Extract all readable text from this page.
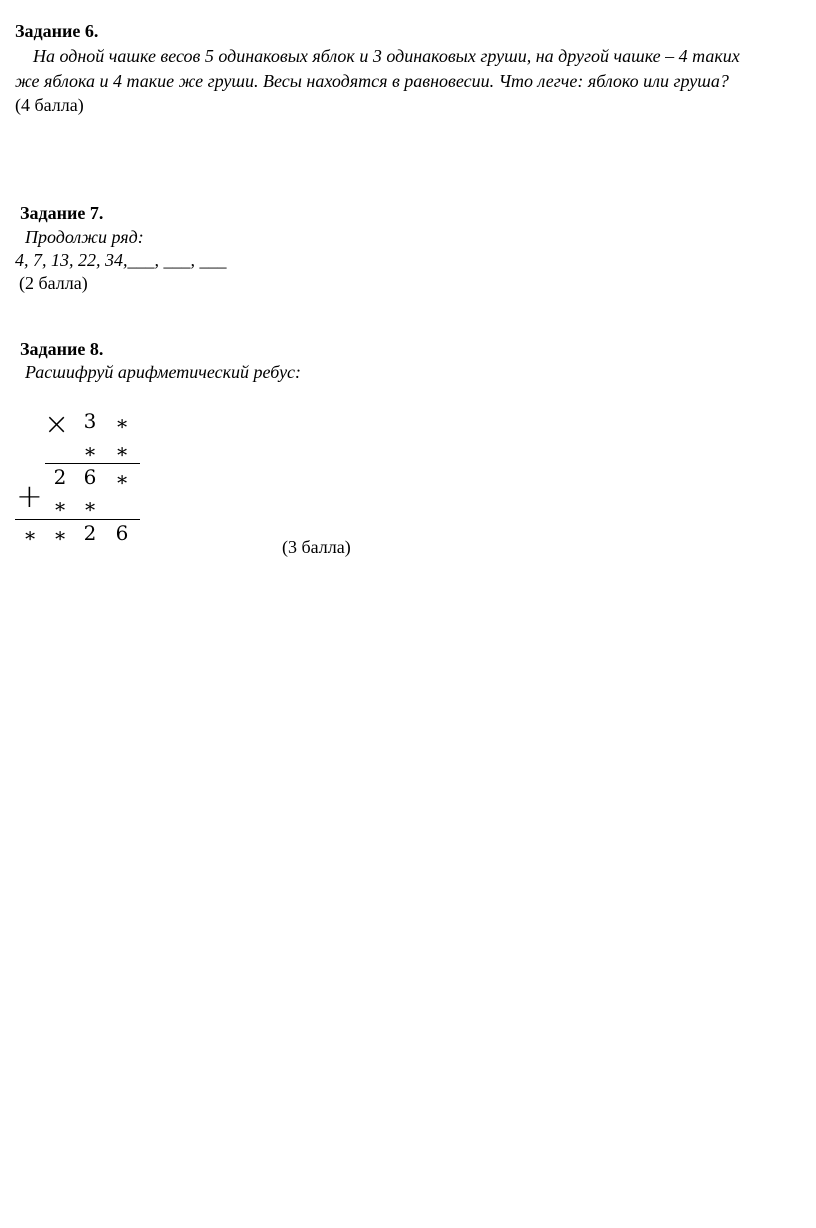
Задание 6.
На одной чашке весов 5 одинаковых яблок и 3 одинаковых груши, на другой чашке – 4 таких
же яблока и 4 такие же груши. Весы находятся в равновесии. Что легче: яблоко или груша?
(4 балла)
Задание 7.
Продолжи ряд:
4, 7, 13, 22, 34,___, ___, ___
(2 балла)
Задание 8.
Расшифруй арифметический ребус:
× 3 ∗
∗ ∗
2 6 ∗
+ ∗ ∗
∗ ∗ 2 6
(3 балла)
